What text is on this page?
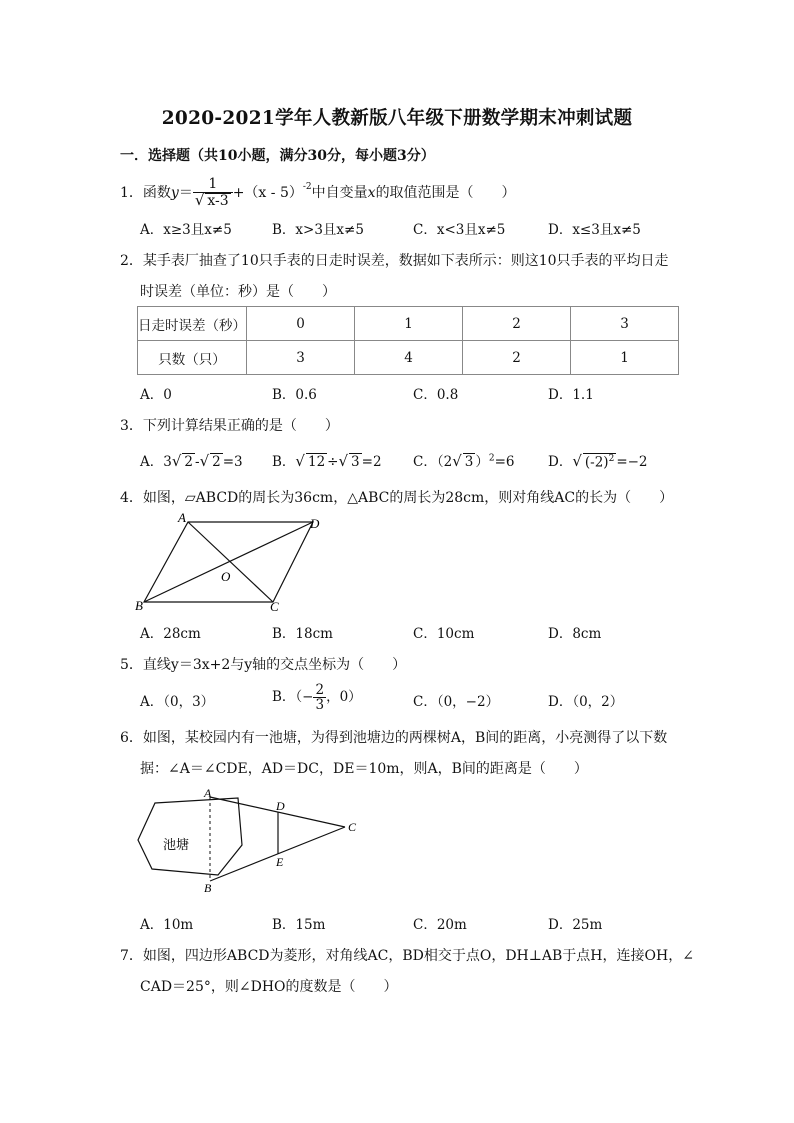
2020-2021学年人教新版八年级下册数学期末冲刺试题
一．选择题（共10小题，满分30分，每小题3分）
1．函数$y= \frac{1}{√ x-3} +(x - 5)^{-2}$中自变量x的取值范围是（　　）
A．x≥3且x≠5	B．x>3且x≠5	C．x<3且x≠5	D．x≤3且x≠5
2．某手表厂抽查了10只手表的日走时误差，数据如下表所示：则这10只手表的平均日走
时误差（单位：秒）是（　　）
日走时误差（秒）	0	1	2	3
只数（只）	3	4	2	1
A．0	B．0.6	C．0.8	D．1.1
3．下列计算结果正确的是（　　）
A．3√ 2 -√ 2 =3 B．√ 12 ÷√ 3 =2 C．（2√ 3 ）$^2$=6 D．√ $(-2)^2 =-2$
4．如图，▱ABCD的周长为36cm，△ABC的周长为28cm，则对角线AC的长为（　　）
A	D
B	C
O
A．28cm	B．18cm	C．10cm	D．8cm
5．直线y＝3x+2与y轴的交点坐标为（　　）
A．（0，3）	B．（− $\frac{2}{3}$ ，0）	C．（0，−2）	D．（0，2）
6．如图，某校园内有一池塘，为得到池塘边的两棵树A，B间的距离，小亮测得了以下数
据：∠A＝∠CDE，AD＝DC，DE＝10m，则A，B间的距离是（　　）
池塘
A
B
C
D
E
A．10m	B．15m	C．20m	D．25m
7．如图，四边形ABCD为菱形，对角线AC，BD相交于点O，DH⊥AB于点H，连接OH，∠
CAD＝25°，则∠DHO的度数是（　　）
